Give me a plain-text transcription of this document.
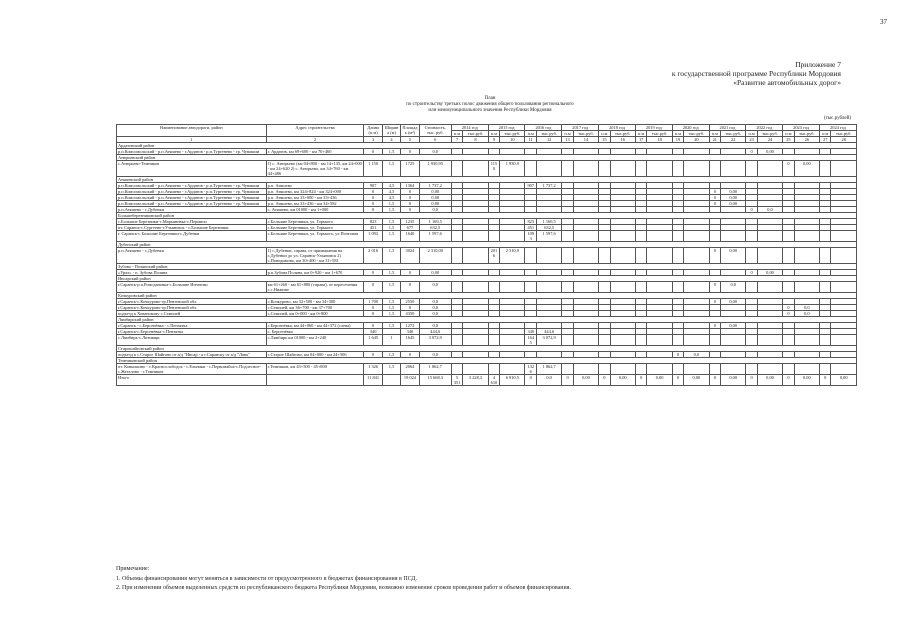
37
Приложение 7
к государственной программе Республики Мордовия
«Развитие автомобильных дорог»
План
по строительству третьих полос движения общего пользования регионального
или межмуниципального значения Республики Мордовия
(тыс.рублей)
Наименование автодороги, район	Адрес строительства	Длина (п.м)	Ширина (м)	Площадь (м²)	Стоимость, тыс. руб.	2014 год		2015 год		2016 год		2017 год		2018 год		2019 год		2020 год		2021 год		2022 год		2023 год		2024 год	
						п.м	тыс.руб.	п.м	тыс.руб.	п.м	тыс.руб.	п.м	тыс.руб.	п.м	тыс.руб.	п.м	тыс.руб.	п.м	тыс.руб.	п.м	тыс.руб.	п.м	тыс.руб.	п.м	тыс.руб.	п.м	тыс.руб.
1	2	3	4	5	6	7	8	9	10	11	12	13	14	15	16	17	18	19	20	21	22	23	24	25	26	27	28
Ардатовский район																											
р.п.Комсомольский - р.п.Атяшево - г.Ардатов - р.п.Тургенево - гр. Чувашии	г. Ардатов, км 69+600 - км 70+460	0	1,5	0	0,0																	0	0,00				
Атюрьевский район																											
с.Атюрьево-Темников	1) с. Атюрьево (км 04+800 - км 14+135, км 24+000 - км 24+620 2) с. Атюрьево, км 34+760 - км 44+486	1 150	1,5	1725	1 930,95			1150	1 930,9															0	0,00		
Атяшевский район																											
р.п.Комсомольский - р.п.Атяшево - г.Ардатов - р.п.Тургенево - гр. Чувашии	р.п. Атяшево	907	4,5	1364	1 737,2					907	1 737,2																
р.п.Комсомольский - р.п.Атяшево - г.Ардатов - р.п.Тургенево - гр. Чувашии	р.п. Атяшево, км 324+824 - км 324+000	0	4,5	0	0,00															0	0,00						
р.п.Комсомольский - р.п.Атяшево - г.Ардатов - р.п.Тургенево - гр. Чувашии	р.п. Атяшево, км 33+000 - км 33+436	0	4,5	0	0,00															0	0,00						
р.п.Комсомольский - р.п.Атяшево - г.Ардатов - р.п.Тургенево - гр. Чувашии	р.п. Атяшево, км 33+436 - км 34+582	0	1,5	0	0,00															0	0,00						
р.п.Атяшево - с.Дубенки	с. Атяшево, км 01000 - км 1+000	0	1,5	0	0,0																	0	0,0				
Большеберезниковский район																											
с.Большие Березники-с.Марьяновка-с.Пермиси	с.Большие Березники, ул. Горького	823	1,5	1235	1 169,5					823	1 169,5																
пт. Саранск-с.Сургеево-г.Ульяновск - с.Большие Березники	с.Большие Березники, ул. Горького	451	1,5	677	632,5					451	632,5																
г. Саранск-с.Большие Березники-с.Дубенки	с.Большие Березники, ул. Горького, ул.Почтовая	1 093	1,5	1640	1 597,6					1093	1 597,6																
Дубенский район																											
р.п.Атяшево - с.Дубенки	1) с.Дубенки, справа, от примыкания на с.Дубенки до ул. Саранск-Ульяновск 2) с.Поводимово, км 30+400 - км 31+581	2 016	1,5	3024	2 310,00			2016	2 310,0											0	0,00						
Зубово - Полянский район																											
«Урал» - п. Зубова Поляна	р.п.Зубова Поляна, км 0+920 - км 1+670	0	1,5	0	0,00																	0	0,00				
Инсарский район																											
г.Саранск-р.п.Ромодановка-с.Большие Игнатово	км 61+260 - км 61+880 (справа), от пересечения с.с.Нижние	0	1,5	0	0,0															0	0,0						
Кочкуровский район																											
г.Саранск-с.Кочкурово-гр.Пензенской обл.	с.Кочкурово, км 32+500 - км 34+300	1 700	1,5	2550	0,0															0	0,00						
г.Саранск-с.Кочкурово-гр.Пензенской обл.	с.Семилей, км 36+700 - км 37+700	0	1,5	0	0,0																			0	0,0		
подъезд к Хованскому с.Семилей	с.Семилей, км 0+000 - км 0+800	0	1,5	4350	0,0																			0	0,0		
Лямбирский район																											
г.Саранск - с.Берсенёвка - с.Пензятка	с.Берсенёвка, км 44+060 - км 44+372 (слева)	0	1,5	1272	0,0															0	0,00						
г.Саранск-с.Берсенёвка-с.Пензятка	с. Берсенёвка	340		340	444,6					340	444,6																
с.Лямбирь-с.Литивщи	с.Лямбирь км 01000 - км 2+240	1 645	1	1645	3 072,9					1645	3 072,9																
Старошайговский район																											
подъезд к с.Старое Шайгово от а/д "Инсар - к г.Саранску от а/д "Лава"	с.Старое Шайгово, км 04+000 - км 24+506	0	1,5	0	0,0													0	0,0								
Темниковский район																											
пт. Ковылкино - с.Краснослободск - с.Ельники - с.Первомайск-с.Подлесное-с.Жегалово - г.Темников	г.Темников, км 43+500 - 45+800	1 326	1,5	2064	1 862,7					1326	1 862,7																
Итого		11 841		19 024	15 668,3	5 351	3 228,3	4 610	6 910,5	0	0,0	0	0,00	0	0,00	0	0,00	0	0,00	0	0,00	0	0,00	0	0,00	0	0,00
Примечание:
1. Объемы финансирования могут меняться в зависимости от предусмотренного в бюджетах финансирования в ПСД.
2. При изменении объемов выделенных средств из республиканского бюджета Республики Мордовия, возможно изменение сроков проведения работ и объемов финансирования.
